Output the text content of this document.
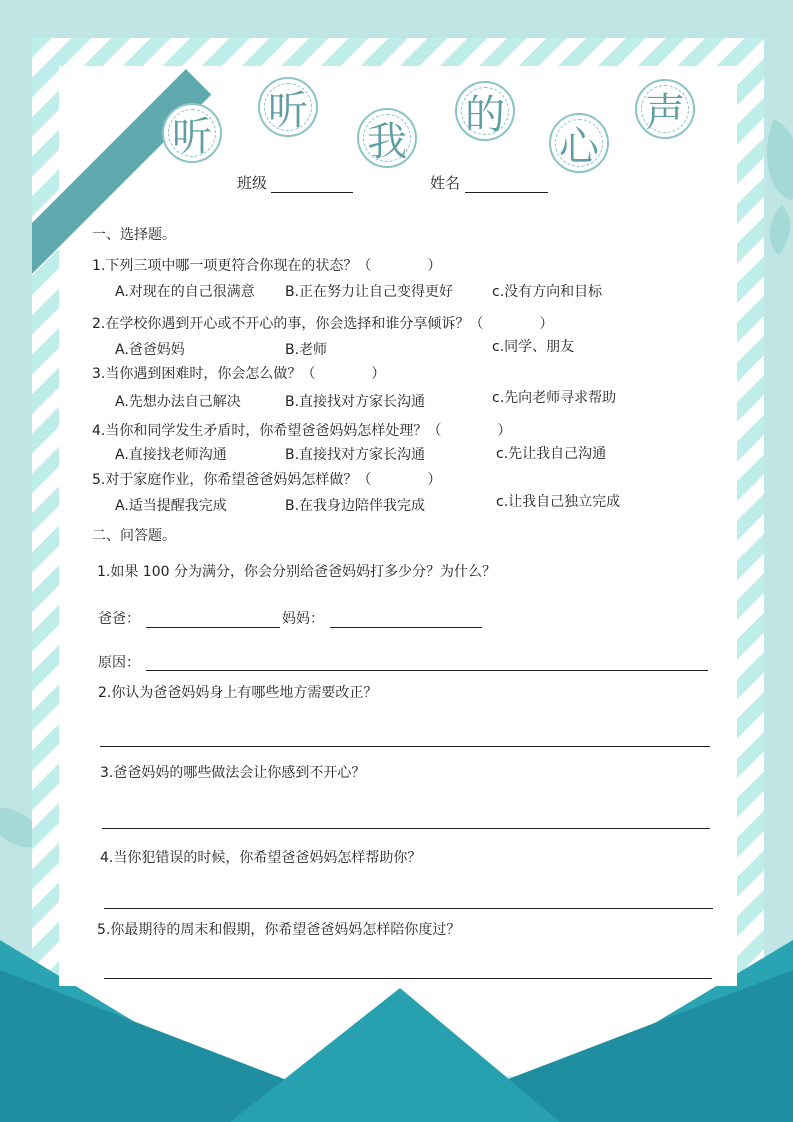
听
听
我
的
心
声
班级	姓名
一、选择题。
1.下列三项中哪一项更符合你现在的状态？（　　　　）
A.对现在的自己很满意 B.正在努力让自己变得更好	c.没有方向和目标
2.在学校你遇到开心或不开心的事，你会选择和谁分享倾诉？（　　　　）
A.爸爸妈妈	B.老师	c.同学、朋友
3.当你遇到困难时，你会怎么做？（　　　　）
A.先想办法自己解决	B.直接找对方家长沟通	c.先向老师寻求帮助
4.当你和同学发生矛盾时，你希望爸爸妈妈怎样处理？（　　　　）
A.直接找老师沟通	B.直接找对方家长沟通	c.先让我自己沟通
5.对于家庭作业，你希望爸爸妈妈怎样做？（　　　　）
A.适当提醒我完成	B.在我身边陪伴我完成	c.让我自己独立完成
二、问答题。
1.如果 100 分为满分，你会分别给爸爸妈妈打多少分？为什么？
爸爸：	妈妈：
原因：
2.你认为爸爸妈妈身上有哪些地方需要改正？
3.爸爸妈妈的哪些做法会让你感到不开心？
4.当你犯错误的时候，你希望爸爸妈妈怎样帮助你？
5.你最期待的周末和假期，你希望爸爸妈妈怎样陪你度过？
